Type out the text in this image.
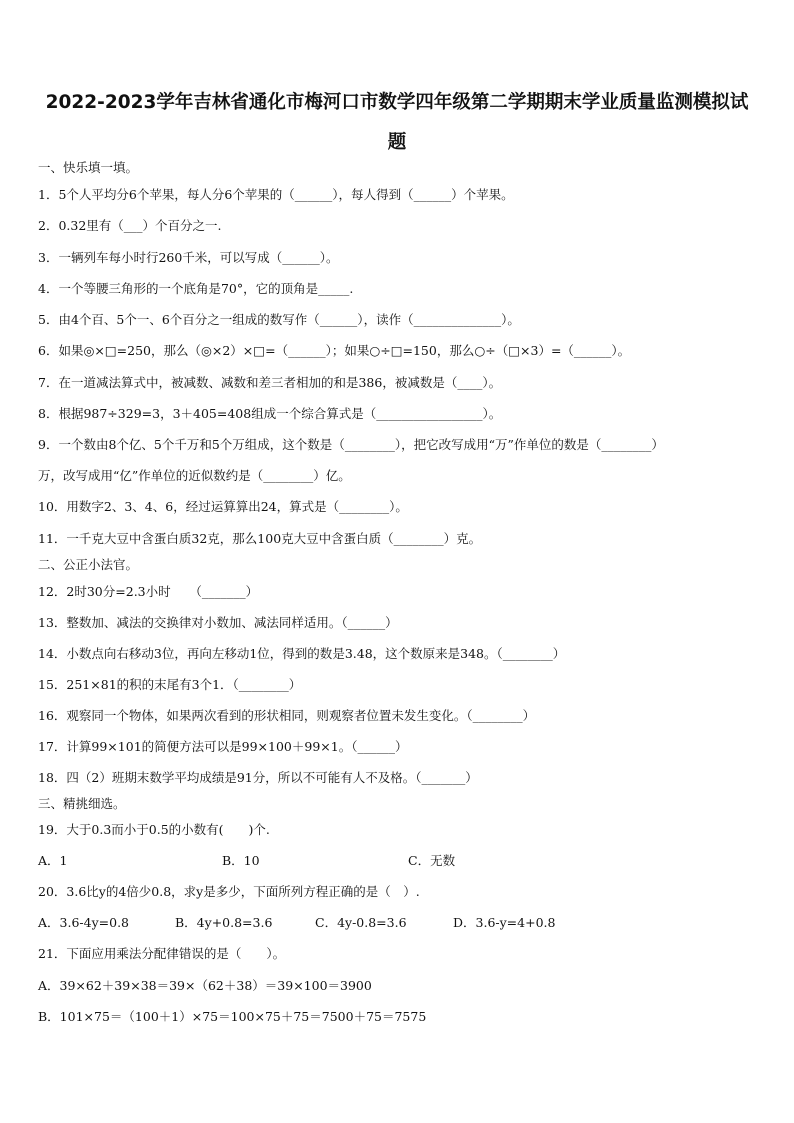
2022-2023学年吉林省通化市梅河口市数学四年级第二学期期末学业质量监测模拟试
题
一、快乐填一填。
1．5个人平均分6个苹果，每人分6个苹果的（______），每人得到（______）个苹果。
2．0.32里有（___）个百分之一.
3．一辆列车每小时行260千米，可以写成（______）。
4．一个等腰三角形的一个底角是70°，它的顶角是_____.
5．由4个百、5个一、6个百分之一组成的数写作（______），读作（______________）。
6．如果◎×□=250，那么（◎×2）×□=（______）；如果○÷□=150，那么○÷（□×3）=（______）。
7．在一道减法算式中，被减数、减数和差三者相加的和是386，被减数是（____）。
8．根据987÷329=3，3＋405=408组成一个综合算式是（_________________）。
9．一个数由8个亿、5个千万和5个万组成，这个数是（________），把它改写成用“万”作单位的数是（________）
万，改写成用“亿”作单位的近似数约是（________）亿。
10．用数字2、3、4、6，经过运算算出24，算式是（________）。
11．一千克大豆中含蛋白质32克，那么100克大豆中含蛋白质（________）克。
二、公正小法官。
12．2时30分=2.3小时　　（_______）
13．整数加、减法的交换律对小数加、减法同样适用。（______）
14．小数点向右移动3位，再向左移动1位，得到的数是3.48，这个数原来是348。（________）
15．251×81的积的末尾有3个1．（________）
16．观察同一个物体，如果两次看到的形状相同，则观察者位置未发生变化。（________）
17．计算99×101的简便方法可以是99×100＋99×1。（______）
18．四（2）班期末数学平均成绩是91分，所以不可能有人不及格。（_______）
三、精挑细选。
19．大于0.3而小于0.5的小数有(　　)个.
A．1	B．10	C．无数
20．3.6比y的4倍少0.8，求y是多少，下面所列方程正确的是（　）.
A．3.6-4y=0.8	B．4y+0.8=3.6	C．4y-0.8=3.6	D．3.6-y=4+0.8
21．下面应用乘法分配律错误的是（　　）。
A．39×62＋39×38＝39×（62＋38）＝39×100＝3900
B．101×75＝（100＋1）×75＝100×75＋75＝7500＋75＝7575
